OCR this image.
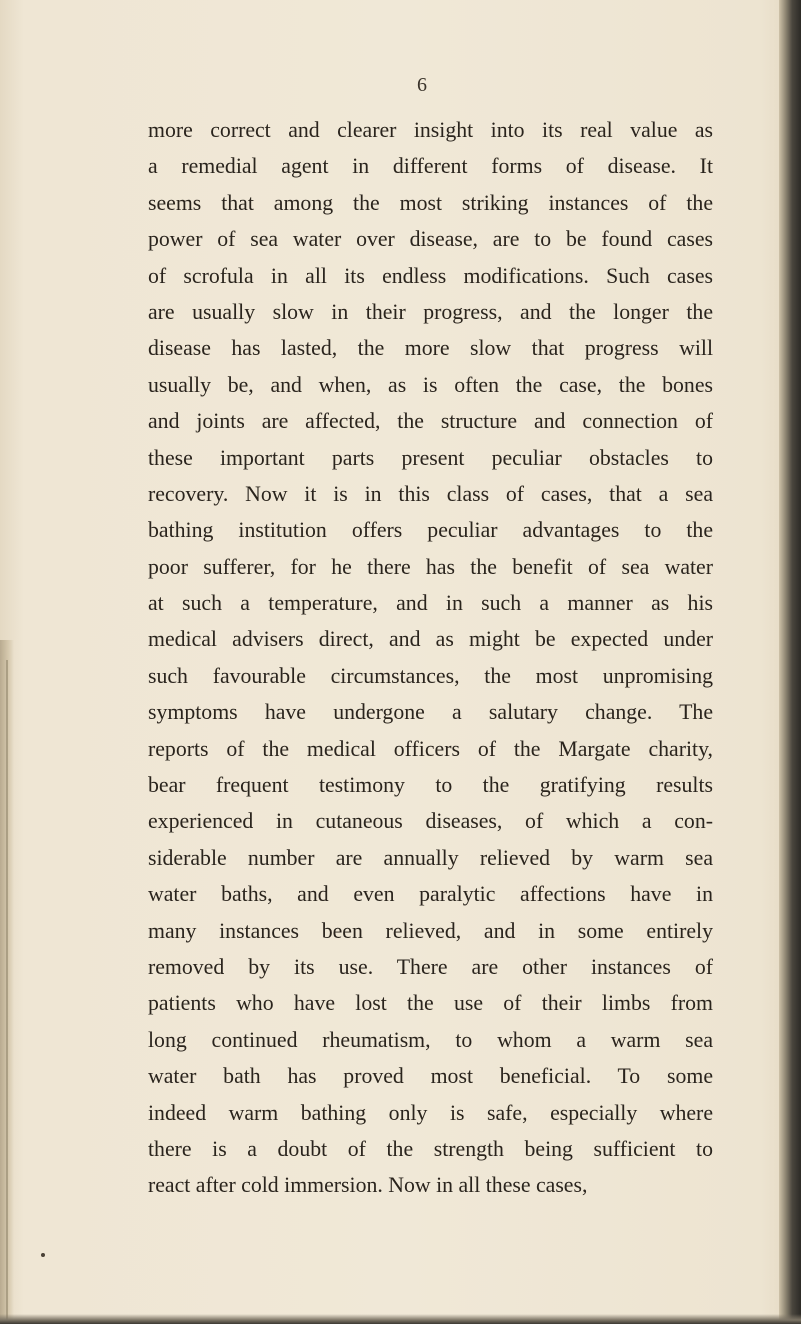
6
more correct and clearer insight into its real value as
a remedial agent in different forms of disease. It
seems that among the most striking instances of the
power of sea water over disease, are to be found cases
of scrofula in all its endless modifications. Such cases
are usually slow in their progress, and the longer the
disease has lasted, the more slow that progress will
usually be, and when, as is often the case, the bones
and joints are affected, the structure and connection of
these important parts present peculiar obstacles to
recovery. Now it is in this class of cases, that a sea
bathing institution offers peculiar advantages to the
poor sufferer, for he there has the benefit of sea water
at such a temperature, and in such a manner as his
medical advisers direct, and as might be expected under
such favourable circumstances, the most unpromising
symptoms have undergone a salutary change. The
reports of the medical officers of the Margate charity,
bear frequent testimony to the gratifying results
experienced in cutaneous diseases, of which a con-
siderable number are annually relieved by warm sea
water baths, and even paralytic affections have in
many instances been relieved, and in some entirely
removed by its use. There are other instances of
patients who have lost the use of their limbs from
long continued rheumatism, to whom a warm sea
water bath has proved most beneficial. To some
indeed warm bathing only is safe, especially where
there is a doubt of the strength being sufficient to
react after cold immersion. Now in all these cases,
